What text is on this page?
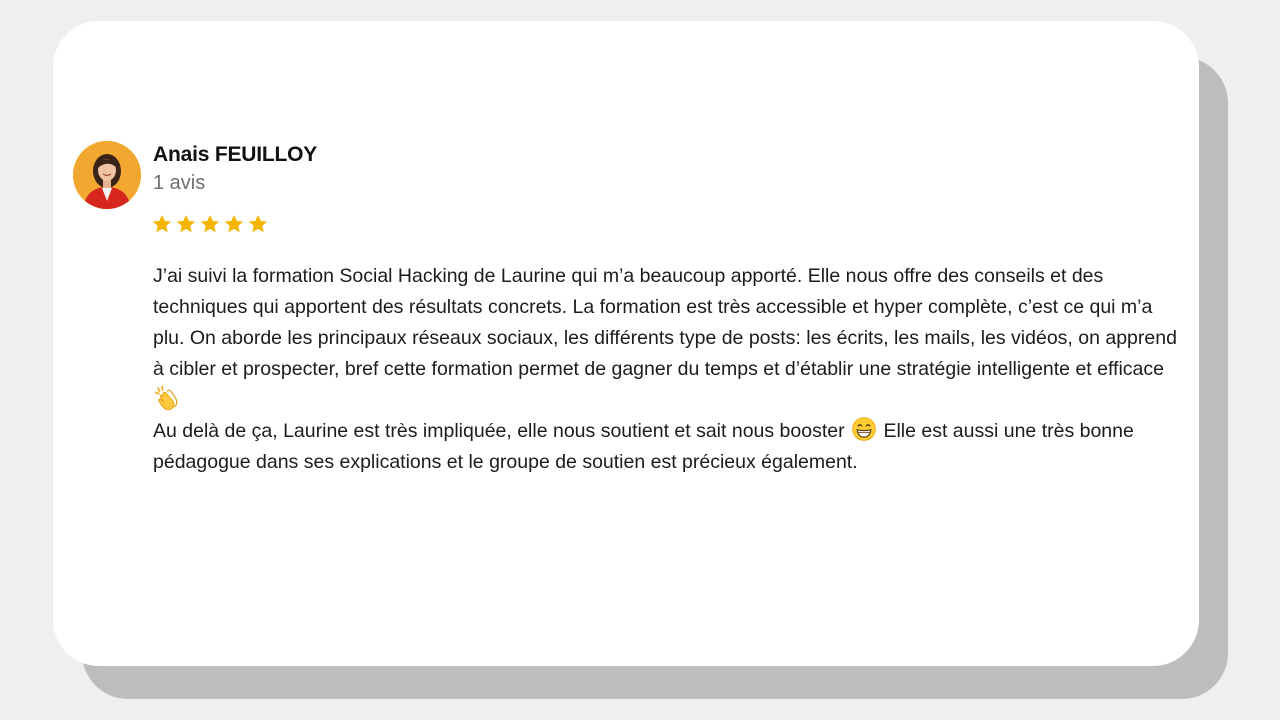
Anais FEUILLOY
1 avis

J’ai suivi la formation Social Hacking de Laurine qui m’a beaucoup apporté. Elle nous offre des conseils et des techniques qui apportent des résultats concrets. La formation est très accessible et hyper complète, c’est ce qui m’a plu. On aborde les principaux réseaux sociaux, les différents type de posts: les écrits, les mails, les vidéos, on apprend à cibler et prospecter, bref cette formation permet de gagner du temps et d’établir une stratégie intelligente et efficace

Au delà de ça, Laurine est très impliquée, elle nous soutient et sait nous booster Elle est aussi une très bonne pédagogue dans ses explications et le groupe de soutien est précieux également.
